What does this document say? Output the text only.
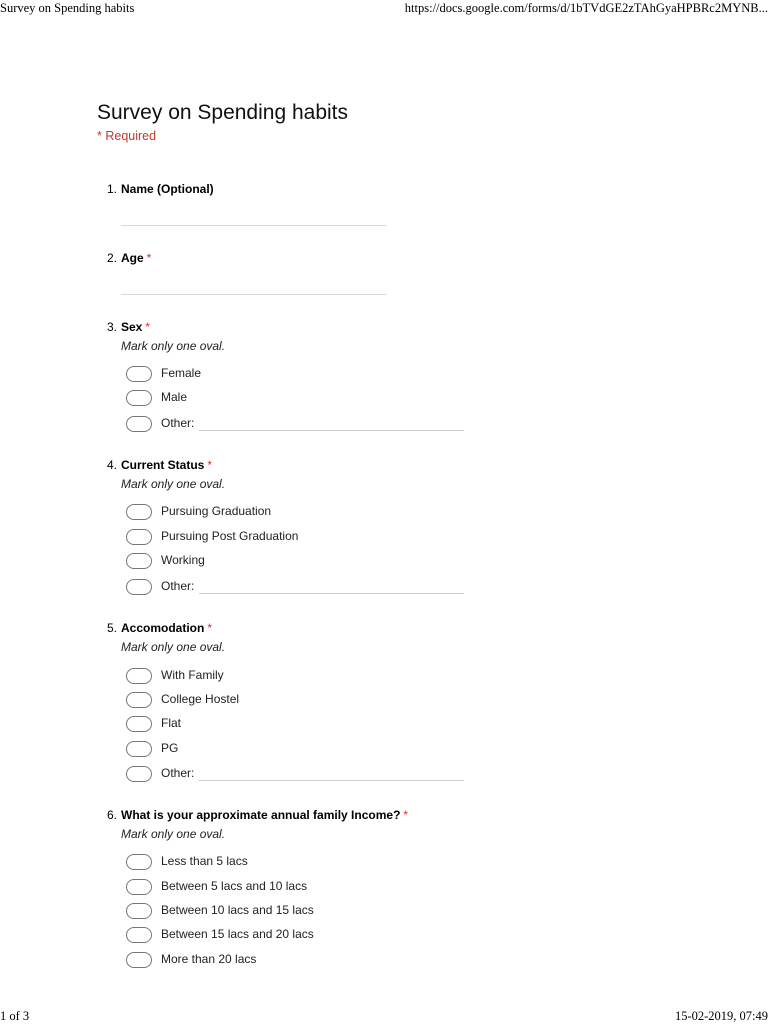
Survey on Spending habits	https://docs.google.com/forms/d/1bTVdGE2zTAhGyaHPBRc2MYNB...
Survey on Spending habits
* Required
1. Name (Optional)
2. Age *
3. Sex *
Mark only one oval.
Female
Male
Other:
4. Current Status *
Mark only one oval.
Pursuing Graduation
Pursuing Post Graduation
Working
Other:
5. Accomodation *
Mark only one oval.
With Family
College Hostel
Flat
PG
Other:
6. What is your approximate annual family Income? *
Mark only one oval.
Less than 5 lacs
Between 5 lacs and 10 lacs
Between 10 lacs and 15 lacs
Between 15 lacs and 20 lacs
More than 20 lacs
1 of 3	15-02-2019, 07:49
